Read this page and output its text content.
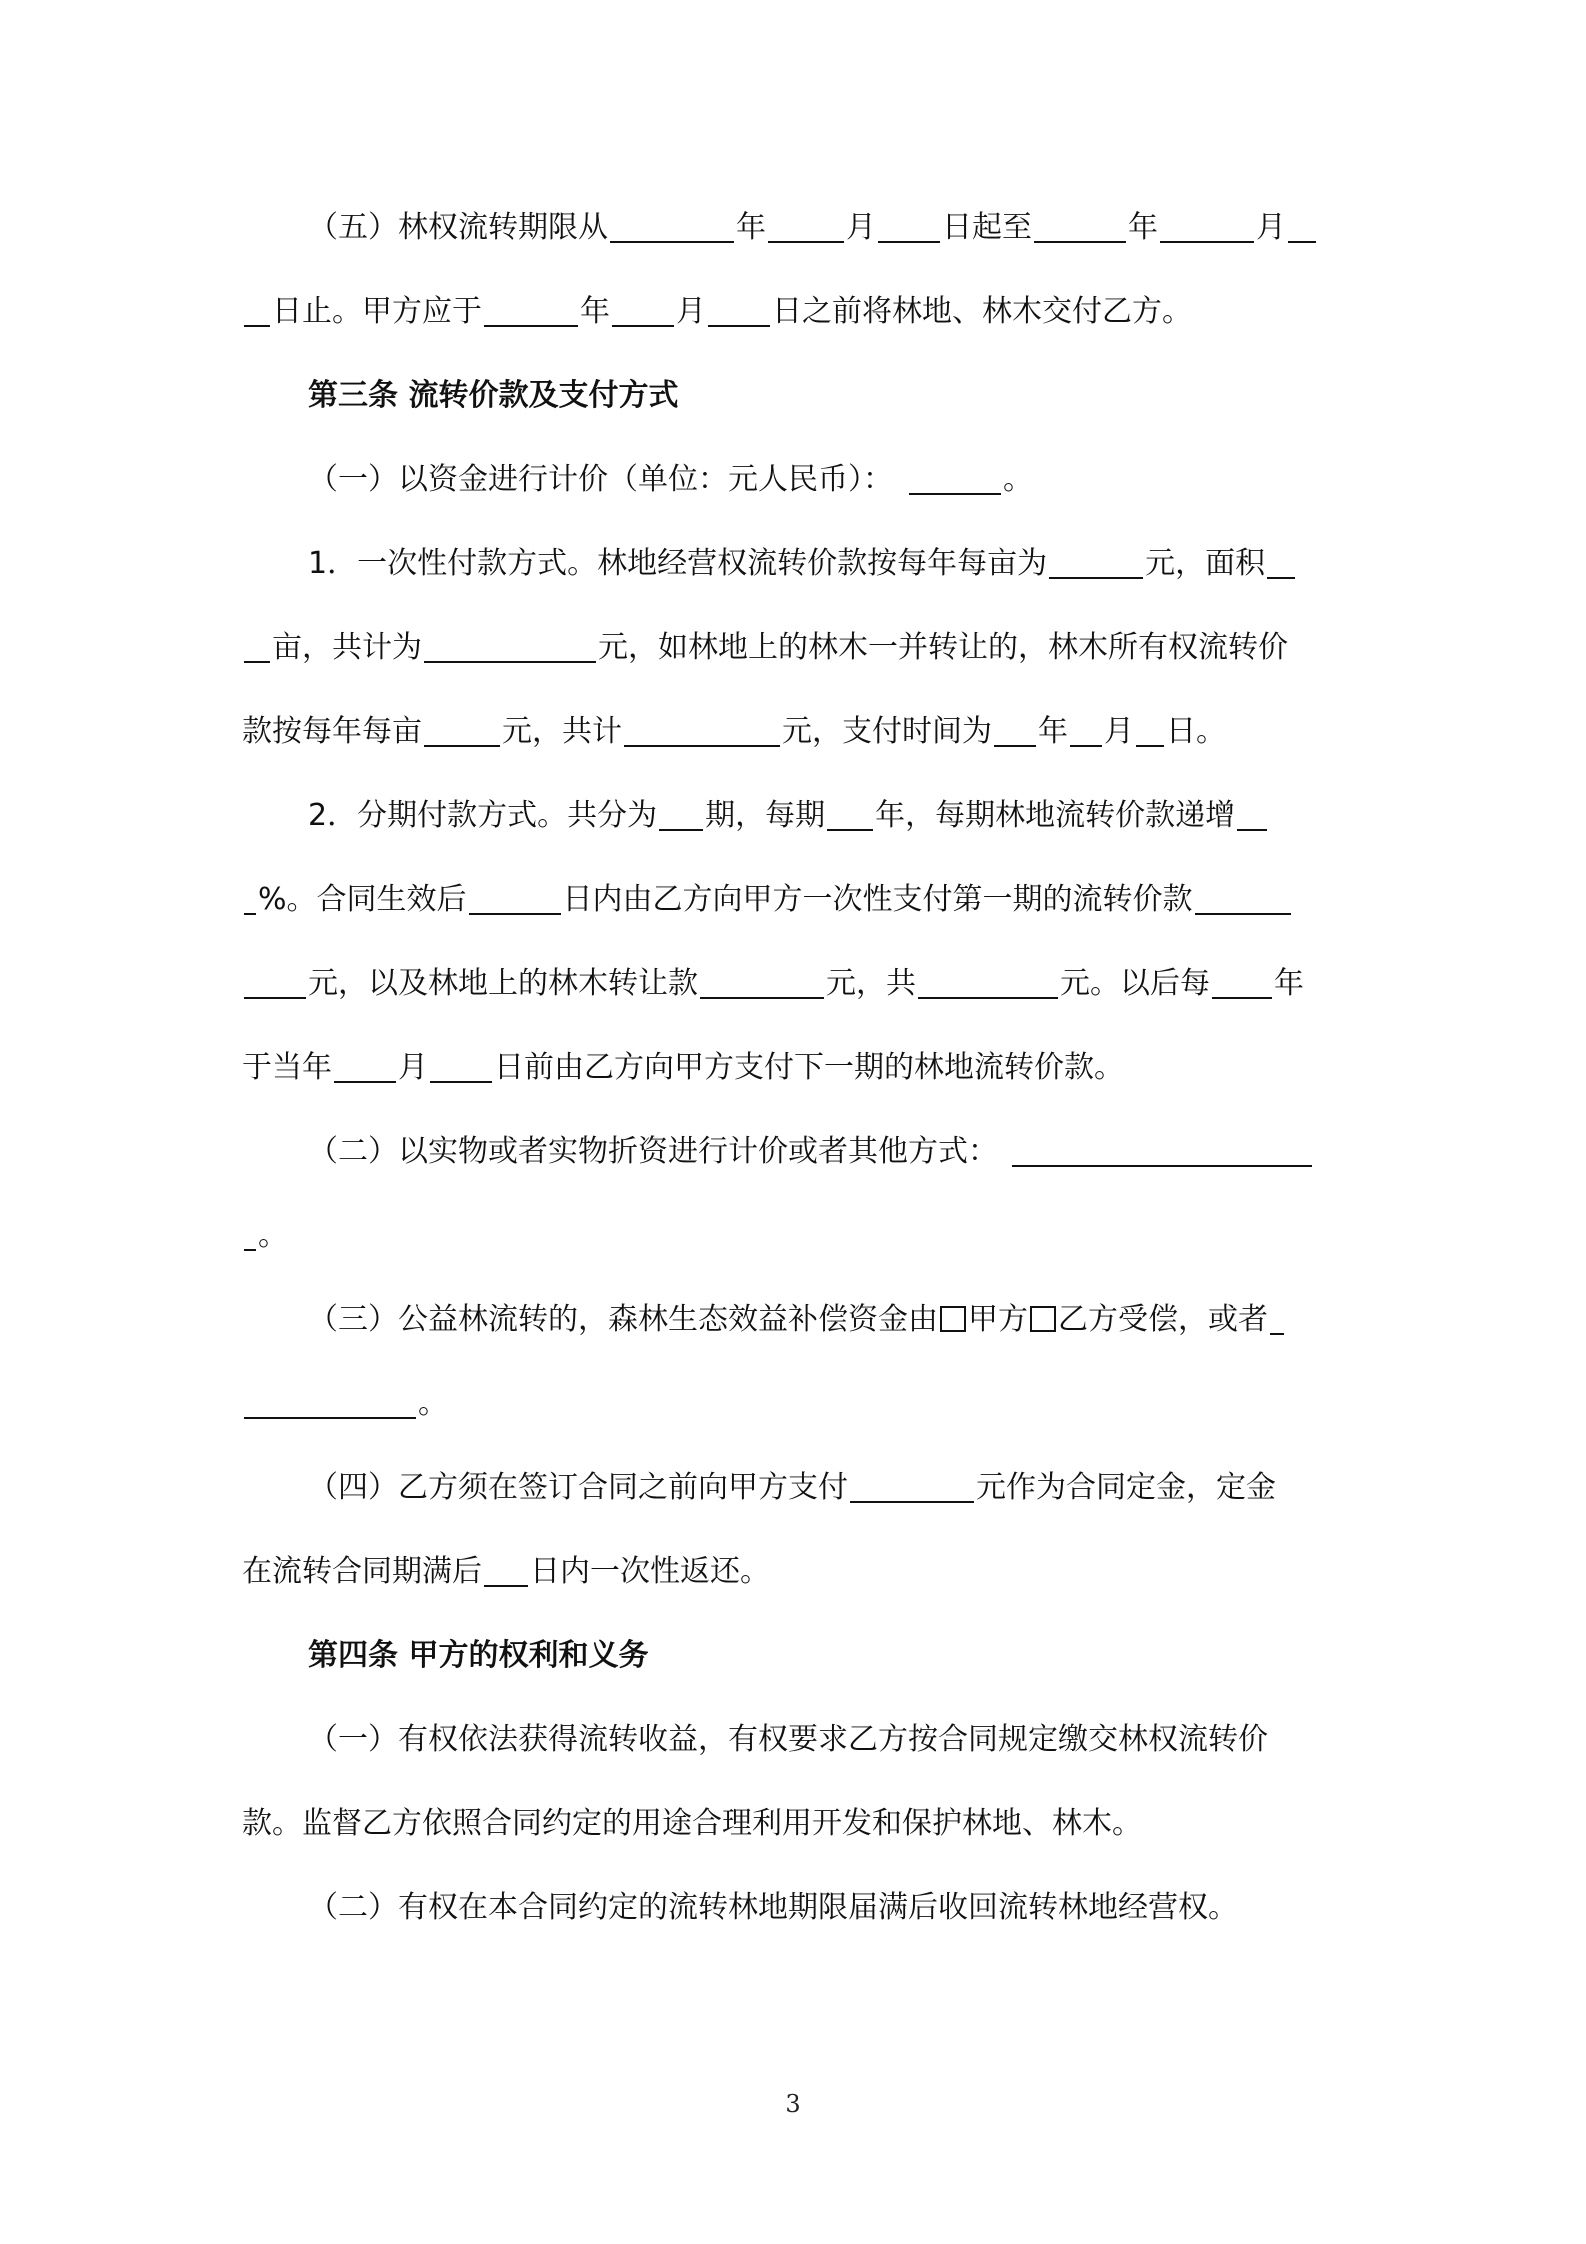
（五）林权流转期限从	年	月 日起至	年	月
日止。甲方应于	年 月 日之前将林地、林木交付乙方。
第三条 流转价款及支付方式
（一）以资金进行计价（单位：元人民币）：	。
1．一次性付款方式。林地经营权流转价款按每年每亩为	元，面积
亩，共计为	元，如林地上的林木一并转让的，林木所有权流转价
款按每年每亩	元，共计	元，支付时间为 年 月 日。
2．分期付款方式。共分为 期，每期 年，每期林地流转价款递增
%。合同生效后	日内由乙方向甲方一次性支付第一期的流转价款
元，以及林地上的林木转让款	元，共	元。以后每 年
于当年 月 日前由乙方向甲方支付下一期的林地流转价款。
（二）以实物或者实物折资进行计价或者其他方式：
。
（三）公益林流转的，森林生态效益补偿资金由 甲方 乙方受偿，或者
。
（四）乙方须在签订合同之前向甲方支付	元作为合同定金，定金
在流转合同期满后 日内一次性返还。
第四条 甲方的权利和义务
（一）有权依法获得流转收益，有权要求乙方按合同规定缴交林权流转价
款。监督乙方依照合同约定的用途合理利用开发和保护林地、林木。
（二）有权在本合同约定的流转林地期限届满后收回流转林地经营权。
3
